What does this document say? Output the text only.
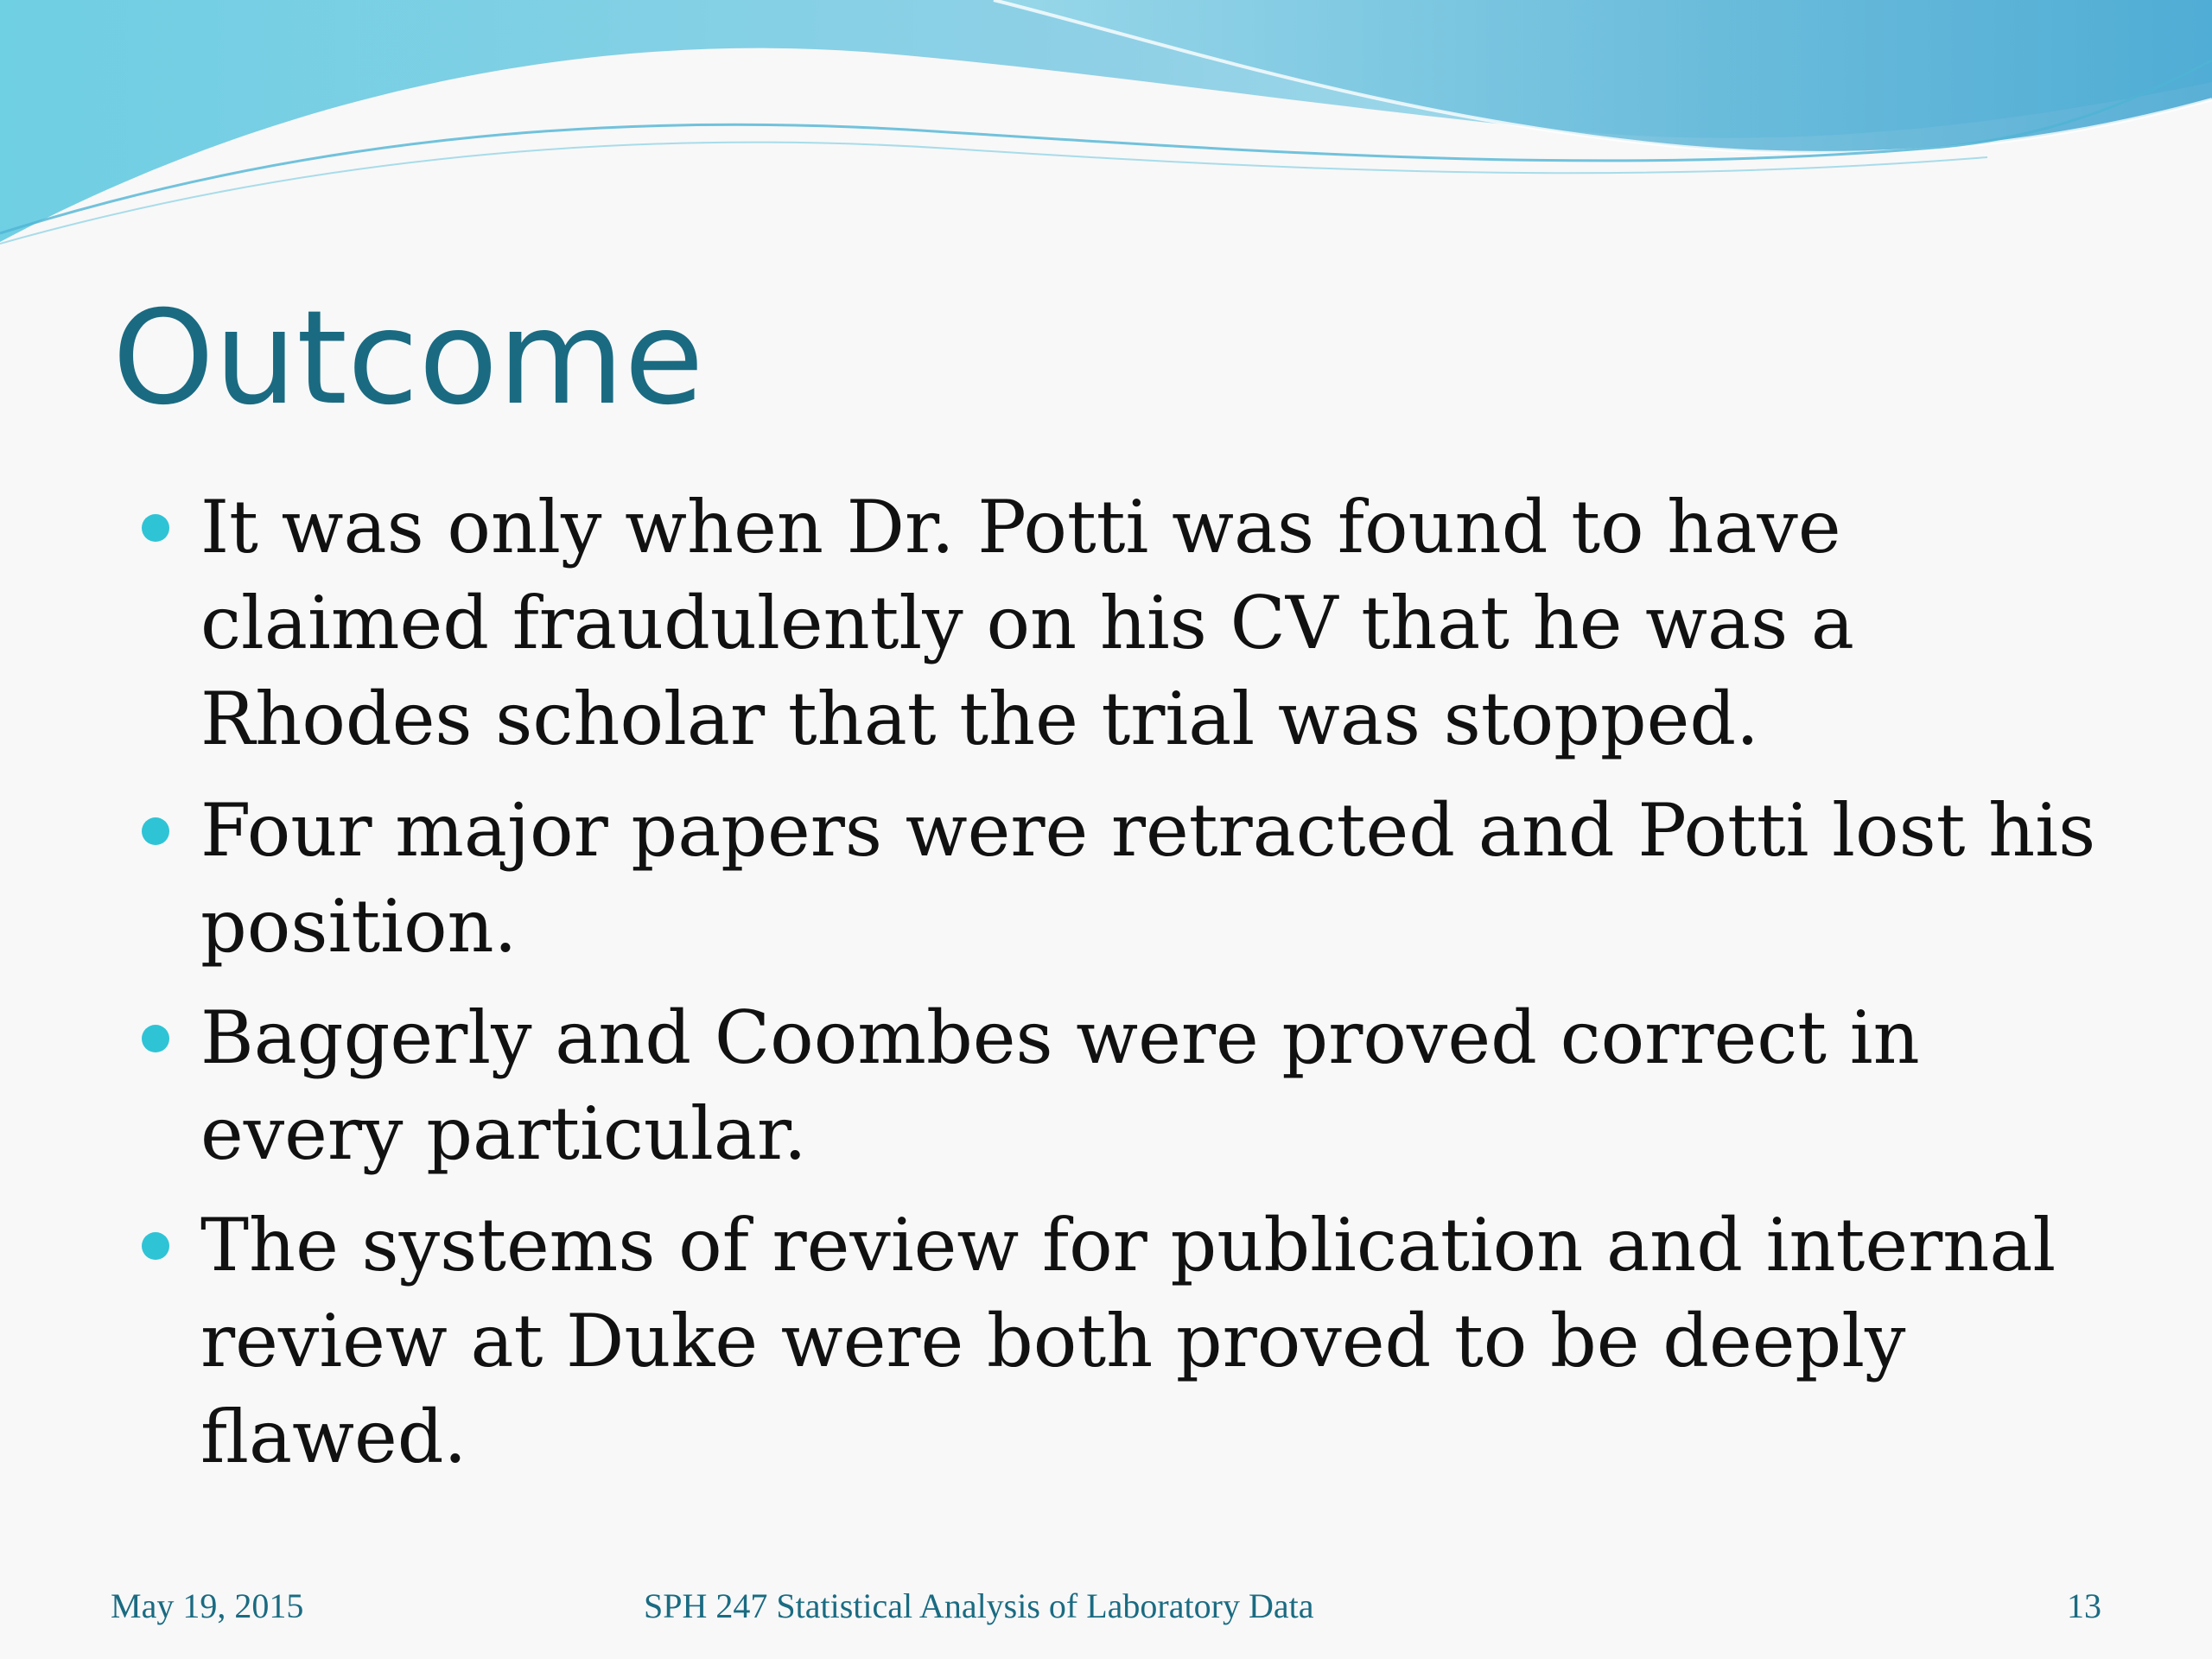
Outcome
It was only when Dr. Potti was found to have claimed fraudulently on his CV that he was a Rhodes scholar that the trial was stopped.
Four major papers were retracted and Potti lost his position.
Baggerly and Coombes were proved correct in every particular.
The systems of review for publication and internal review at Duke were both proved to be deeply flawed.
May 19, 2015	SPH 247 Statistical Analysis of Laboratory Data	13
